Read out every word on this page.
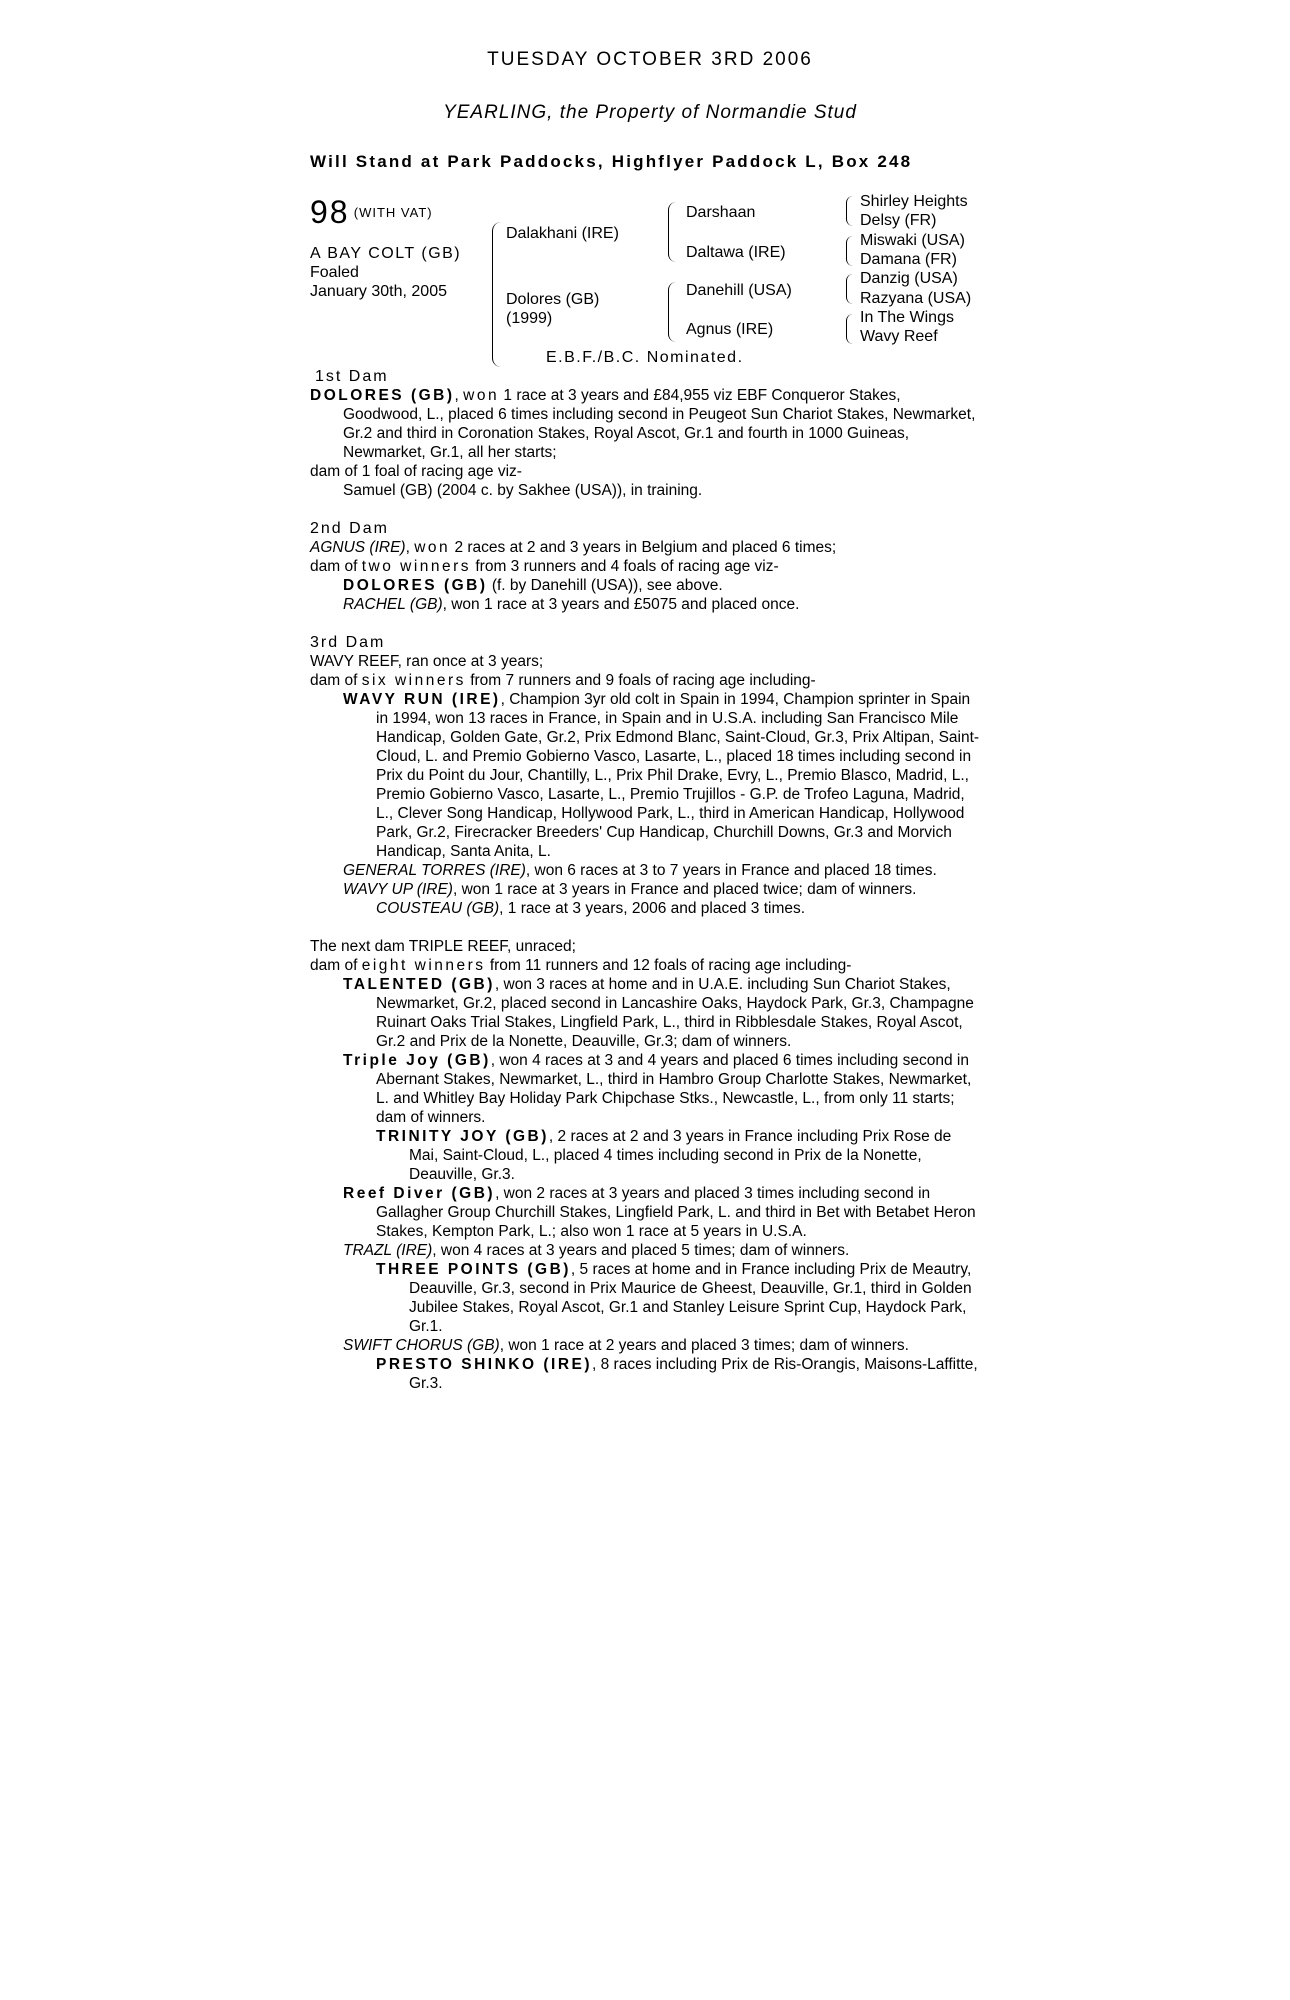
TUESDAY OCTOBER 3RD 2006
YEARLING, the Property of Normandie Stud
Will Stand at Park Paddocks, Highflyer Paddock L, Box 248
98 (WITH VAT)
A BAY COLT (GB)
Foaled
January 30th, 2005
Dalakhani (IRE)
Dolores (GB)
(1999)
Darshaan
Daltawa (IRE)
Danehill (USA)
Agnus (IRE)
Shirley Heights
Delsy (FR)
Miswaki (USA)
Damana (FR)
Danzig (USA)
Razyana (USA)
In The Wings
Wavy Reef
E.B.F./B.C. Nominated.

1st Dam

DOLORES (GB), won 1 race at 3 years and £84,955 viz EBF Conqueror Stakes, Goodwood, L., placed 6 times including second in Peugeot Sun Chariot Stakes, Newmarket, Gr.2 and third in Coronation Stakes, Royal Ascot, Gr.1 and fourth in 1000 Guineas, Newmarket, Gr.1, all her starts;

dam of 1 foal of racing age viz-

Samuel (GB) (2004 c. by Sakhee (USA)), in training.

2nd Dam

AGNUS (IRE), won 2 races at 2 and 3 years in Belgium and placed 6 times;

dam of two winners from 3 runners and 4 foals of racing age viz-

DOLORES (GB) (f. by Danehill (USA)), see above.

RACHEL (GB), won 1 race at 3 years and £5075 and placed once.

3rd Dam

WAVY REEF, ran once at 3 years;

dam of six winners from 7 runners and 9 foals of racing age including-

WAVY RUN (IRE), Champion 3yr old colt in Spain in 1994, Champion sprinter in Spain in 1994, won 13 races in France, in Spain and in U.S.A. including San Francisco Mile Handicap, Golden Gate, Gr.2, Prix Edmond Blanc, Saint-Cloud, Gr.3, Prix Altipan, Saint-Cloud, L. and Premio Gobierno Vasco, Lasarte, L., placed 18 times including second in Prix du Point du Jour, Chantilly, L., Prix Phil Drake, Evry, L., Premio Blasco, Madrid, L., Premio Gobierno Vasco, Lasarte, L., Premio Trujillos - G.P. de Trofeo Laguna, Madrid, L., Clever Song Handicap, Hollywood Park, L., third in American Handicap, Hollywood Park, Gr.2, Firecracker Breeders' Cup Handicap, Churchill Downs, Gr.3 and Morvich Handicap, Santa Anita, L.

GENERAL TORRES (IRE), won 6 races at 3 to 7 years in France and placed 18 times.

WAVY UP (IRE), won 1 race at 3 years in France and placed twice; dam of winners.

COUSTEAU (GB), 1 race at 3 years, 2006 and placed 3 times.

The next dam TRIPLE REEF, unraced;

dam of eight winners from 11 runners and 12 foals of racing age including-

TALENTED (GB), won 3 races at home and in U.A.E. including Sun Chariot Stakes, Newmarket, Gr.2, placed second in Lancashire Oaks, Haydock Park, Gr.3, Champagne Ruinart Oaks Trial Stakes, Lingfield Park, L., third in Ribblesdale Stakes, Royal Ascot, Gr.2 and Prix de la Nonette, Deauville, Gr.3; dam of winners.

Triple Joy (GB), won 4 races at 3 and 4 years and placed 6 times including second in Abernant Stakes, Newmarket, L., third in Hambro Group Charlotte Stakes, Newmarket, L. and Whitley Bay Holiday Park Chipchase Stks., Newcastle, L., from only 11 starts; dam of winners.

TRINITY JOY (GB), 2 races at 2 and 3 years in France including Prix Rose de Mai, Saint-Cloud, L., placed 4 times including second in Prix de la Nonette, Deauville, Gr.3.

Reef Diver (GB), won 2 races at 3 years and placed 3 times including second in Gallagher Group Churchill Stakes, Lingfield Park, L. and third in Bet with Betabet Heron Stakes, Kempton Park, L.; also won 1 race at 5 years in U.S.A.

TRAZL (IRE), won 4 races at 3 years and placed 5 times; dam of winners.

THREE POINTS (GB), 5 races at home and in France including Prix de Meautry, Deauville, Gr.3, second in Prix Maurice de Gheest, Deauville, Gr.1, third in Golden Jubilee Stakes, Royal Ascot, Gr.1 and Stanley Leisure Sprint Cup, Haydock Park, Gr.1.

SWIFT CHORUS (GB), won 1 race at 2 years and placed 3 times; dam of winners.

PRESTO SHINKO (IRE), 8 races including Prix de Ris-Orangis, Maisons-Laffitte, Gr.3.
